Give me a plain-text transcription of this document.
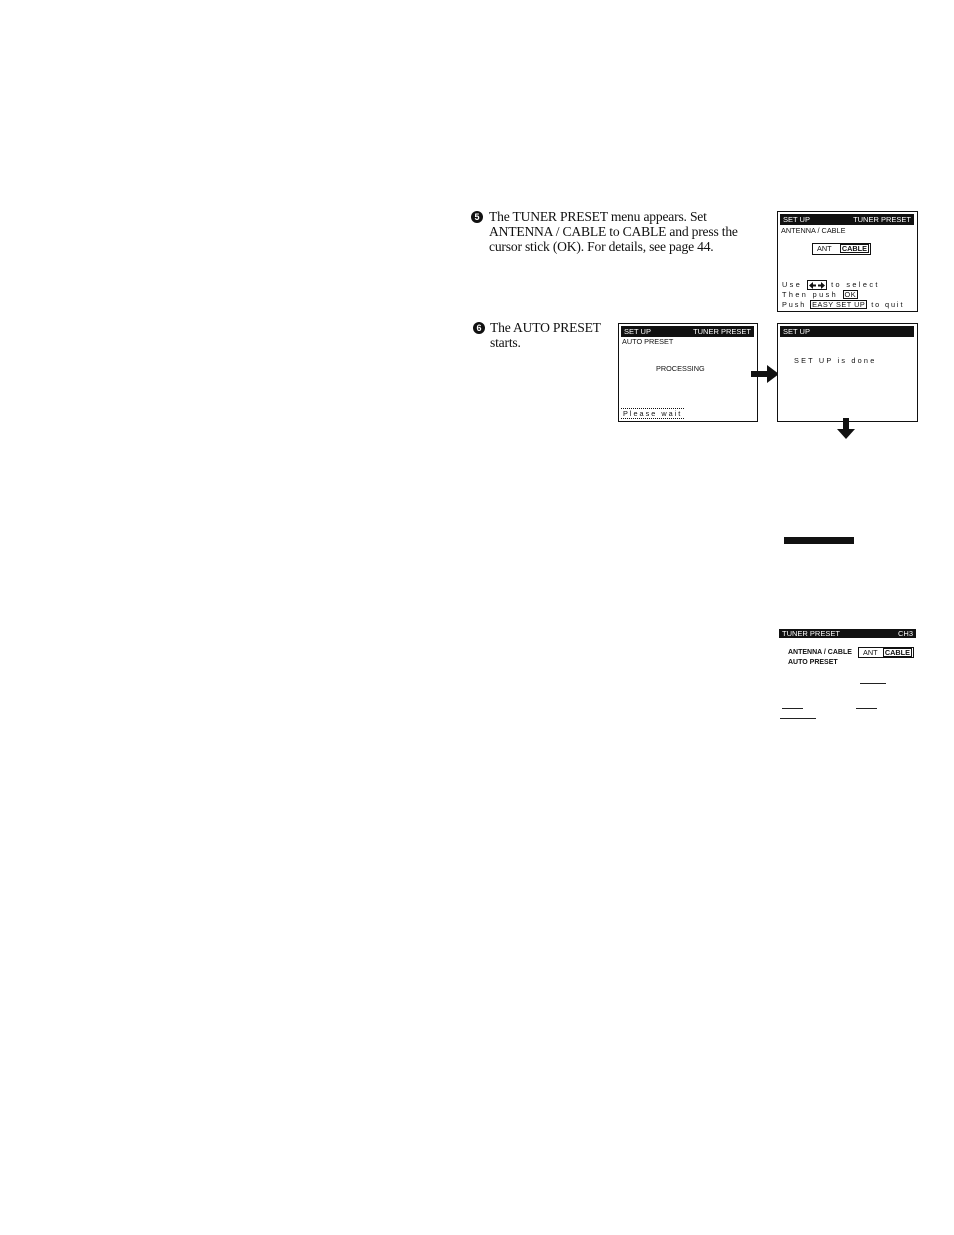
5 The TUNER PRESET menu appears. Set
ANTENNA / CABLE to CABLE and press the
cursor stick (OK). For details, see page 44.
SET UP	TUNER PRESET
ANTENNA / CABLE
ANT CABLE
Use	to select
Then push OK
Push EASY SET UP to quit
6 The AUTO PRESET
starts.
SET UP	TUNER PRESET
AUTO PRESET
PROCESSING
Please wait
SET UP
SET UP is done
TUNER PRESET	CH3
ANTENNA / CABLE ANT CABLE
AUTO PRESET
